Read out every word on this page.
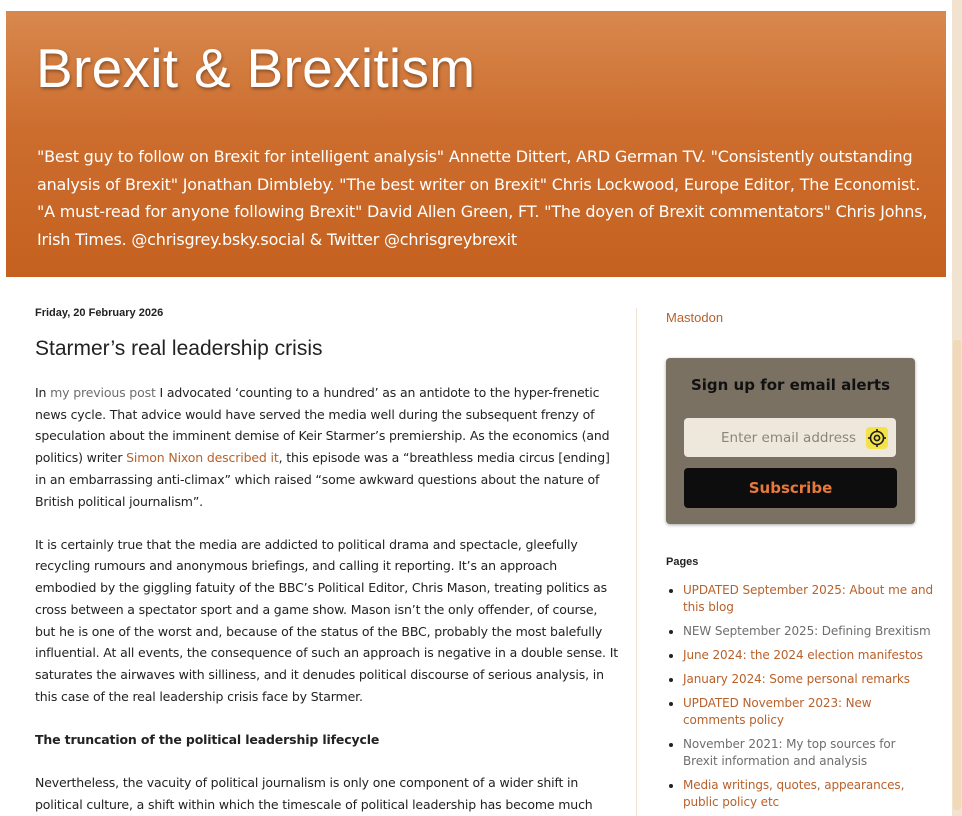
Brexit & Brexitism

"Best guy to follow on Brexit for intelligent analysis" Annette Dittert, ARD German TV. "Consistently outstanding analysis of Brexit" Jonathan Dimbleby. "The best writer on Brexit" Chris Lockwood, Europe Editor, The Economist. "A must-read for anyone following Brexit" David Allen Green, FT. "The doyen of Brexit commentators" Chris Johns, Irish Times. @chrisgrey.bsky.social & Twitter @chrisgreybrexit

Friday, 20 February 2026
Starmer’s real leadership crisis

In my previous post I advocated ‘counting to a hundred’ as an antidote to the hyper-frenetic news cycle. That advice would have served the media well during the subsequent frenzy of speculation about the imminent demise of Keir Starmer’s premiership. As the economics (and politics) writer Simon Nixon described it, this episode was a “breathless media circus [ending] in an embarrassing anti-climax” which raised “some awkward questions about the nature of British political journalism”.

It is certainly true that the media are addicted to political drama and spectacle, gleefully recycling rumours and anonymous briefings, and calling it reporting. It’s an approach embodied by the giggling fatuity of the BBC’s Political Editor, Chris Mason, treating politics as cross between a spectator sport and a game show. Mason isn’t the only offender, of course, but he is one of the worst and, because of the status of the BBC, probably the most balefully influential. At all events, the consequence of such an approach is negative in a double sense. It saturates the airwaves with silliness, and it denudes political discourse of serious analysis, in this case of the real leadership crisis face by Starmer.

The truncation of the political leadership lifecycle

Nevertheless, the vacuity of political journalism is only one component of a wider shift in political culture, a shift within which the timescale of political leadership has become much

Mastodon

Sign up for email alerts

Enter email address
Subscribe
Pages
• UPDATED September 2025: About me and this blog
• NEW September 2025: Defining Brexitism
• June 2024: the 2024 election manifestos
• January 2024: Some personal remarks
• UPDATED November 2023: New comments policy
• November 2021: My top sources for Brexit information and analysis
• Media writings, quotes, appearances, public policy etc
